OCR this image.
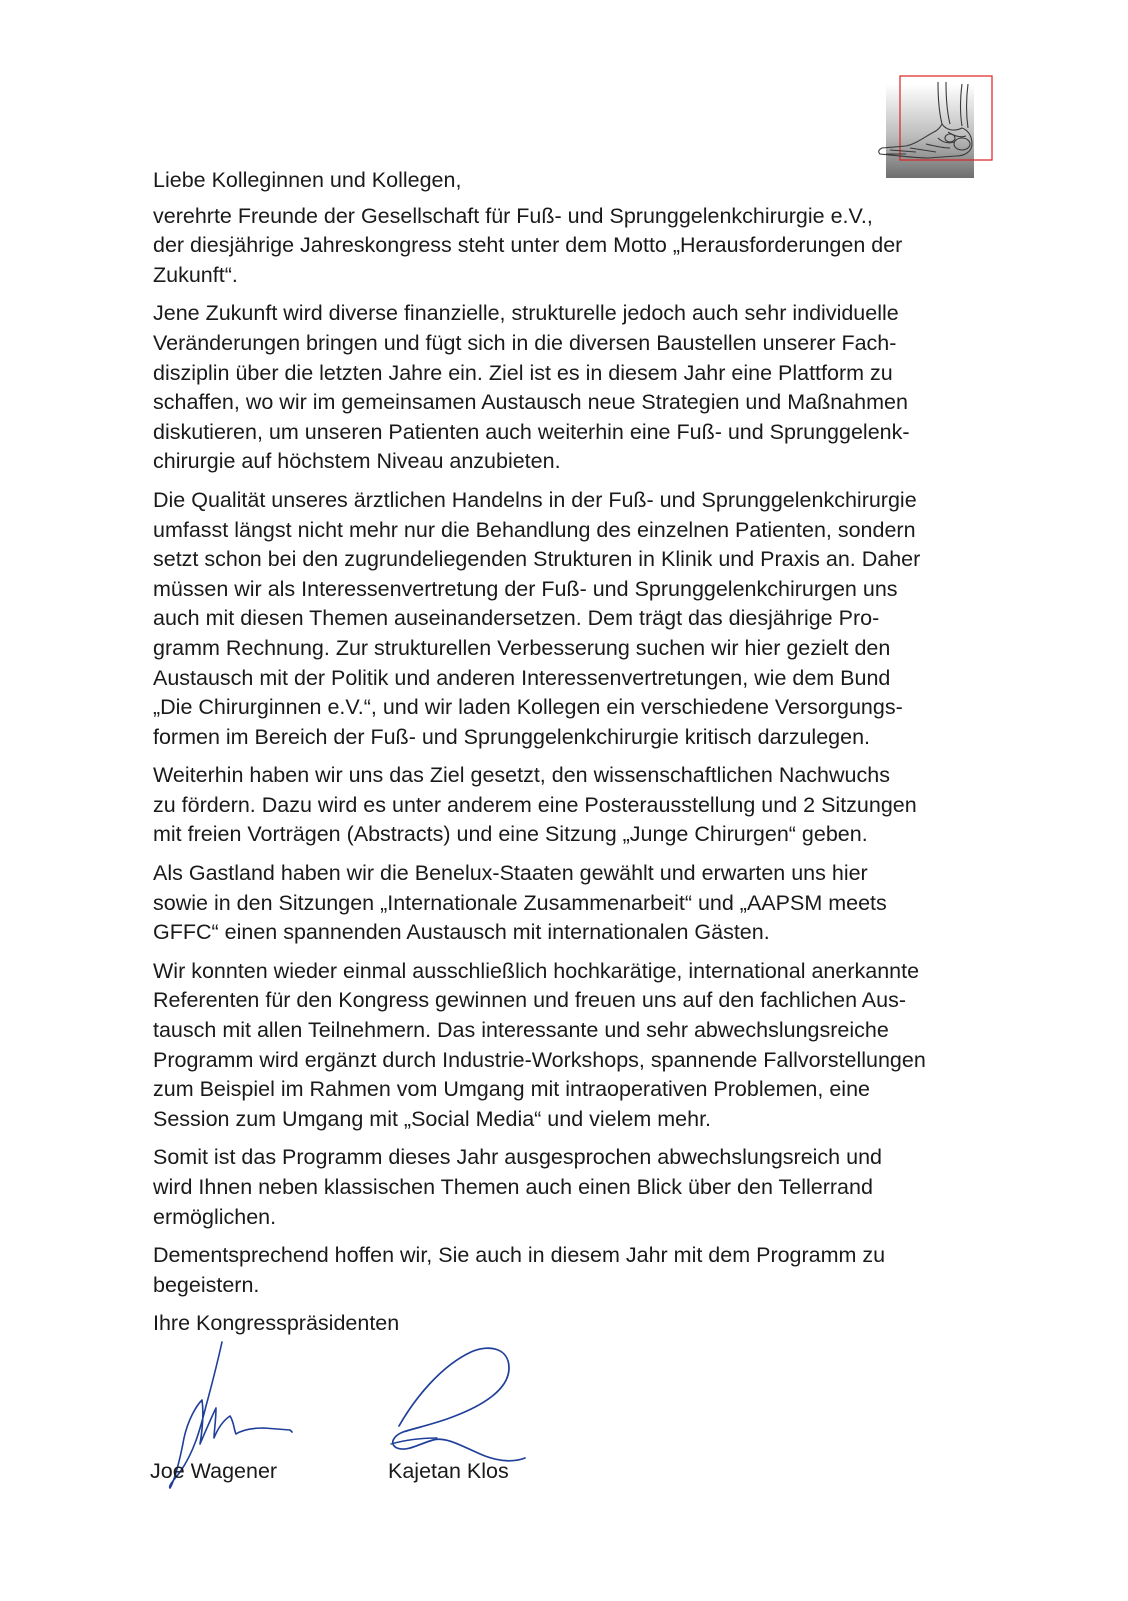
Liebe Kolleginnen und Kollegen,

verehrte Freunde der Gesellschaft für Fuß- und Sprunggelenkchirurgie e.V.,
der diesjährige Jahreskongress steht unter dem Motto „Herausforderungen der
Zukunft“.

Jene Zukunft wird diverse finanzielle, strukturelle jedoch auch sehr individuelle
Veränderungen bringen und fügt sich in die diversen Baustellen unserer Fach-
disziplin über die letzten Jahre ein. Ziel ist es in diesem Jahr eine Plattform zu
schaffen, wo wir im gemeinsamen Austausch neue Strategien und Maßnahmen
diskutieren, um unseren Patienten auch weiterhin eine Fuß- und Sprunggelenk-
chirurgie auf höchstem Niveau anzubieten.

Die Qualität unseres ärztlichen Handelns in der Fuß- und Sprunggelenkchirurgie
umfasst längst nicht mehr nur die Behandlung des einzelnen Patienten, sondern
setzt schon bei den zugrundeliegenden Strukturen in Klinik und Praxis an. Daher
müssen wir als Interessenvertretung der Fuß- und Sprunggelenkchirurgen uns
auch mit diesen Themen auseinandersetzen. Dem trägt das diesjährige Pro-
gramm Rechnung. Zur strukturellen Verbesserung suchen wir hier gezielt den
Austausch mit der Politik und anderen Interessenvertretungen, wie dem Bund
„Die Chirurginnen e.V.“, und wir laden Kollegen ein verschiedene Versorgungs-
formen im Bereich der Fuß- und Sprunggelenkchirurgie kritisch darzulegen.

Weiterhin haben wir uns das Ziel gesetzt, den wissenschaftlichen Nachwuchs
zu fördern. Dazu wird es unter anderem eine Posterausstellung und 2 Sitzungen
mit freien Vorträgen (Abstracts) und eine Sitzung „Junge Chirurgen“ geben.

Als Gastland haben wir die Benelux-Staaten gewählt und erwarten uns hier
sowie in den Sitzungen „Internationale Zusammenarbeit“ und „AAPSM meets
GFFC“ einen spannenden Austausch mit internationalen Gästen.

Wir konnten wieder einmal ausschließlich hochkarätige, international anerkannte
Referenten für den Kongress gewinnen und freuen uns auf den fachlichen Aus-
tausch mit allen Teilnehmern. Das interessante und sehr abwechslungsreiche
Programm wird ergänzt durch Industrie-Workshops, spannende Fallvorstellungen
zum Beispiel im Rahmen vom Umgang mit intraoperativen Problemen, eine
Session zum Umgang mit „Social Media“ und vielem mehr.

Somit ist das Programm dieses Jahr ausgesprochen abwechslungsreich und
wird Ihnen neben klassischen Themen auch einen Blick über den Tellerrand
ermöglichen.

Dementsprechend hoffen wir, Sie auch in diesem Jahr mit dem Programm zu
begeistern.

Ihre Kongresspräsidenten

Joe Wagener	Kajetan Klos
